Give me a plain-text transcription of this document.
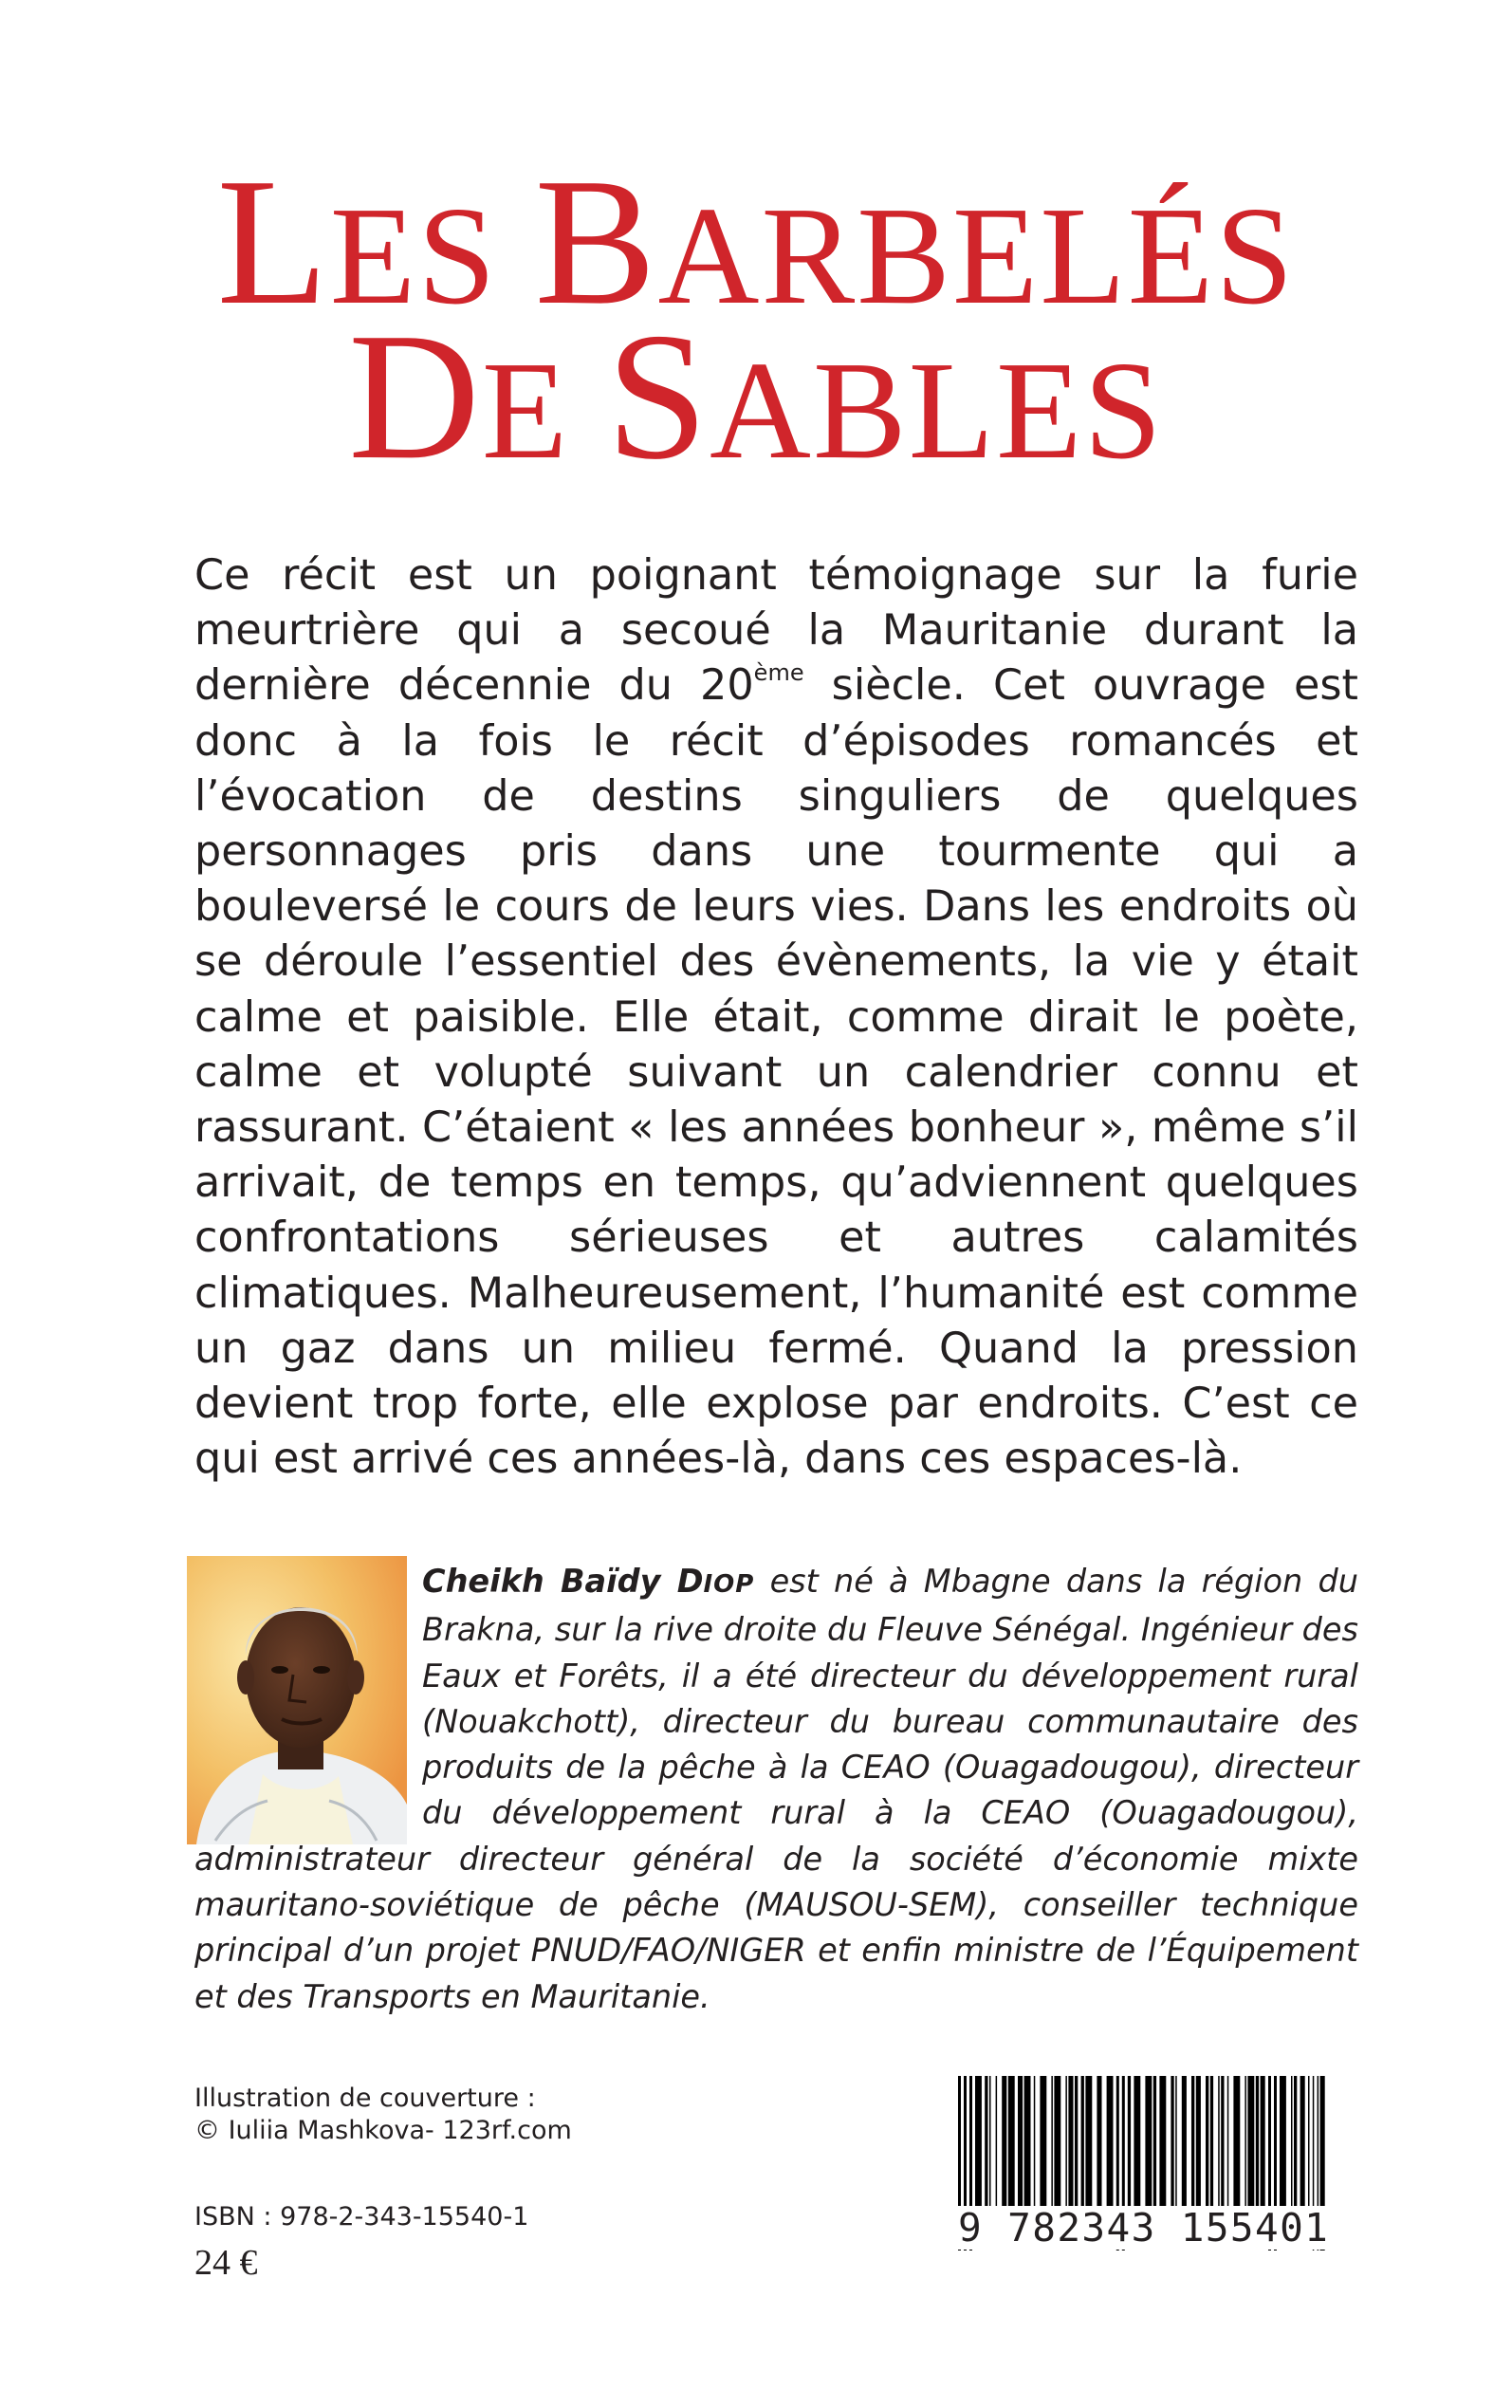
LES BARBELÉS
DE SABLES

Ce récit est un poignant témoignage sur la furie meurtrière qui a secoué la Mauritanie durant la dernière décennie du 20ème siècle. Cet ouvrage est donc à la fois le récit d’épisodes romancés et l’évocation de destins singuliers de quelques personnages pris dans une tourmente qui a bouleversé le cours de leurs vies. Dans les endroits où se déroule l’essentiel des évènements, la vie y était calme et paisible. Elle était, comme dirait le poète, calme et volupté suivant un calendrier connu et rassurant. C’étaient « les années bonheur », même s’il arrivait, de temps en temps, qu’adviennent quelques confrontations sérieuses et autres calamités climatiques. Malheureusement, l’humanité est comme un gaz dans un milieu fermé. Quand la pression devient trop forte, elle explose par endroits. C’est ce qui est arrivé ces années-là, dans ces espaces-là.

Cheikh Baïdy DIOP est né à Mbagne dans la région du Brakna, sur la rive droite du Fleuve Sénégal. Ingénieur des Eaux et Forêts, il a été directeur du développement rural (Nouakchott), directeur du bureau communautaire des produits de la pêche à la CEAO (Ouagadougou), directeur du développement rural à la CEAO (Ouagadougou), administrateur directeur général de la société d’économie mixte mauritano-soviétique de pêche (MAUSOU-SEM), conseiller technique principal d’un projet PNUD/FAO/NIGER et enfin ministre de l’Équipement et des Transports en Mauritanie.

Illustration de couverture :

© Iuliia Mashkova- 123rf.com

ISBN : 978-2-343-15540-1

24 €

9 782343 155401
